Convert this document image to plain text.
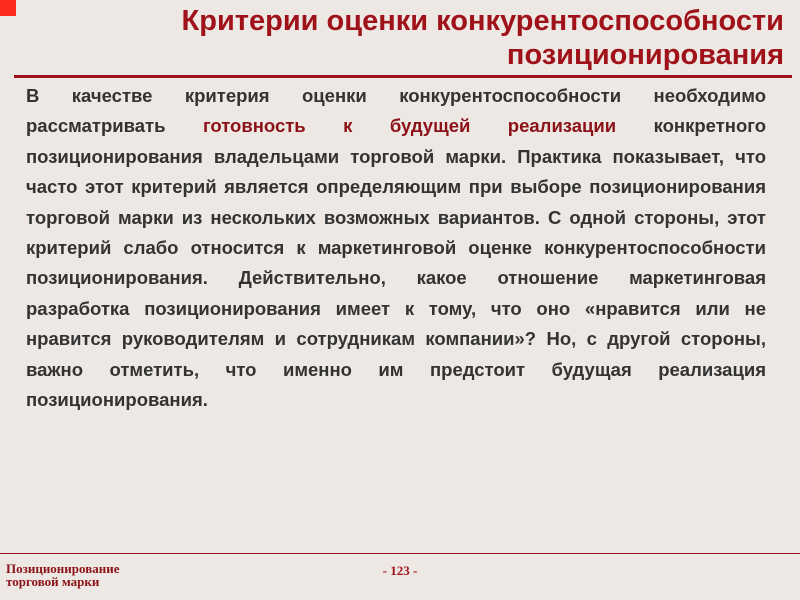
Критерии оценки конкурентоспособности
позиционирования

В качестве критерия оценки конкурентоспособности необходимо рассматривать готовность к будущей реализации конкретного позиционирования владельцами торговой марки. Практика показывает, что часто этот критерий является определяющим при выборе позиционирования торговой марки из нескольких возможных вариантов. С одной стороны, этот критерий слабо относится к маркетинговой оценке конкурентоспособности позиционирования. Действительно, какое отношение маркетинговая разработка позиционирования имеет к тому, что оно «нравится или не нравится руководителям и сотрудникам компании»? Но, с другой стороны, важно отметить, что именно им предстоит будущая реализация позиционирования.

Позиционирование
торговой марки
- 123 -
